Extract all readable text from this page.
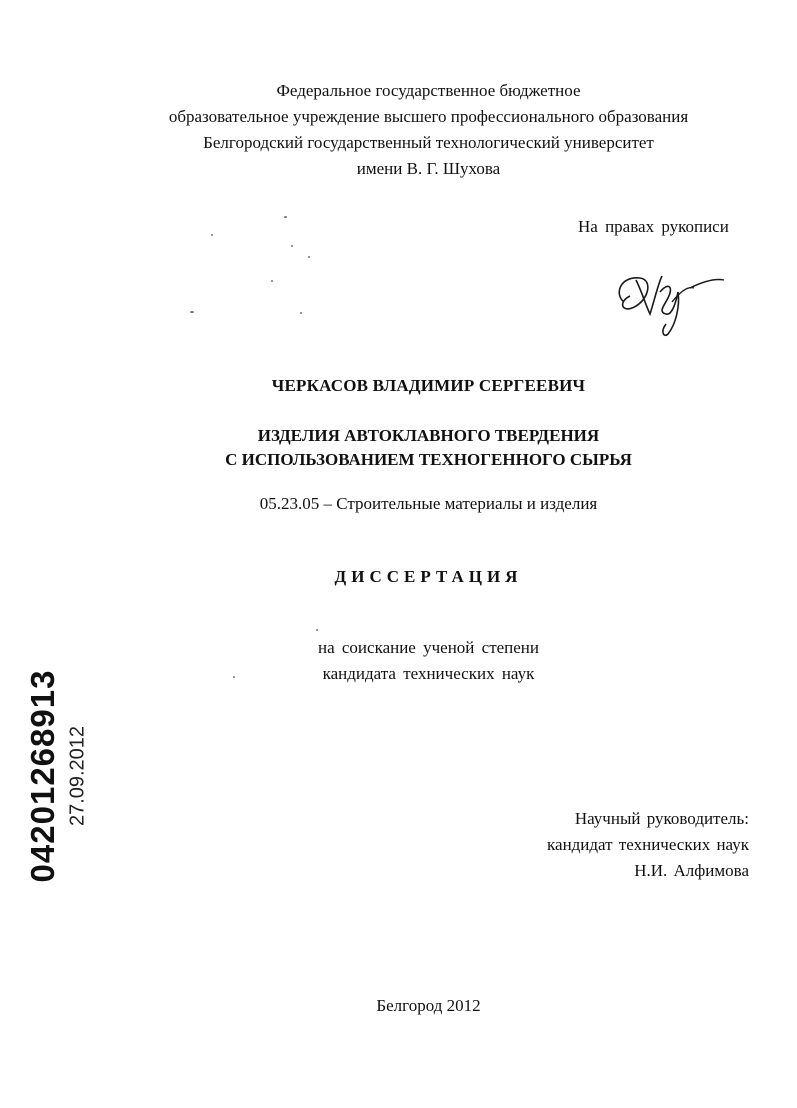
Федеральное государственное бюджетное
образовательное учреждение высшего профессионального образования
Белгородский государственный технологический университет
имени В. Г. Шухова
На правах рукописи
ЧЕРКАСОВ ВЛАДИМИР СЕРГЕЕВИЧ
ИЗДЕЛИЯ АВТОКЛАВНОГО ТВЕРДЕНИЯ
С ИСПОЛЬЗОВАНИЕМ ТЕХНОГЕННОГО СЫРЬЯ
05.23.05 – Строительные материалы и изделия
ДИССЕРТАЦИЯ
на соискание ученой степени
кандидата технических наук
Научный руководитель:
кандидат технических наук
Н.И. Алфимова
Белгород 2012
04201268913 27.09.2012
